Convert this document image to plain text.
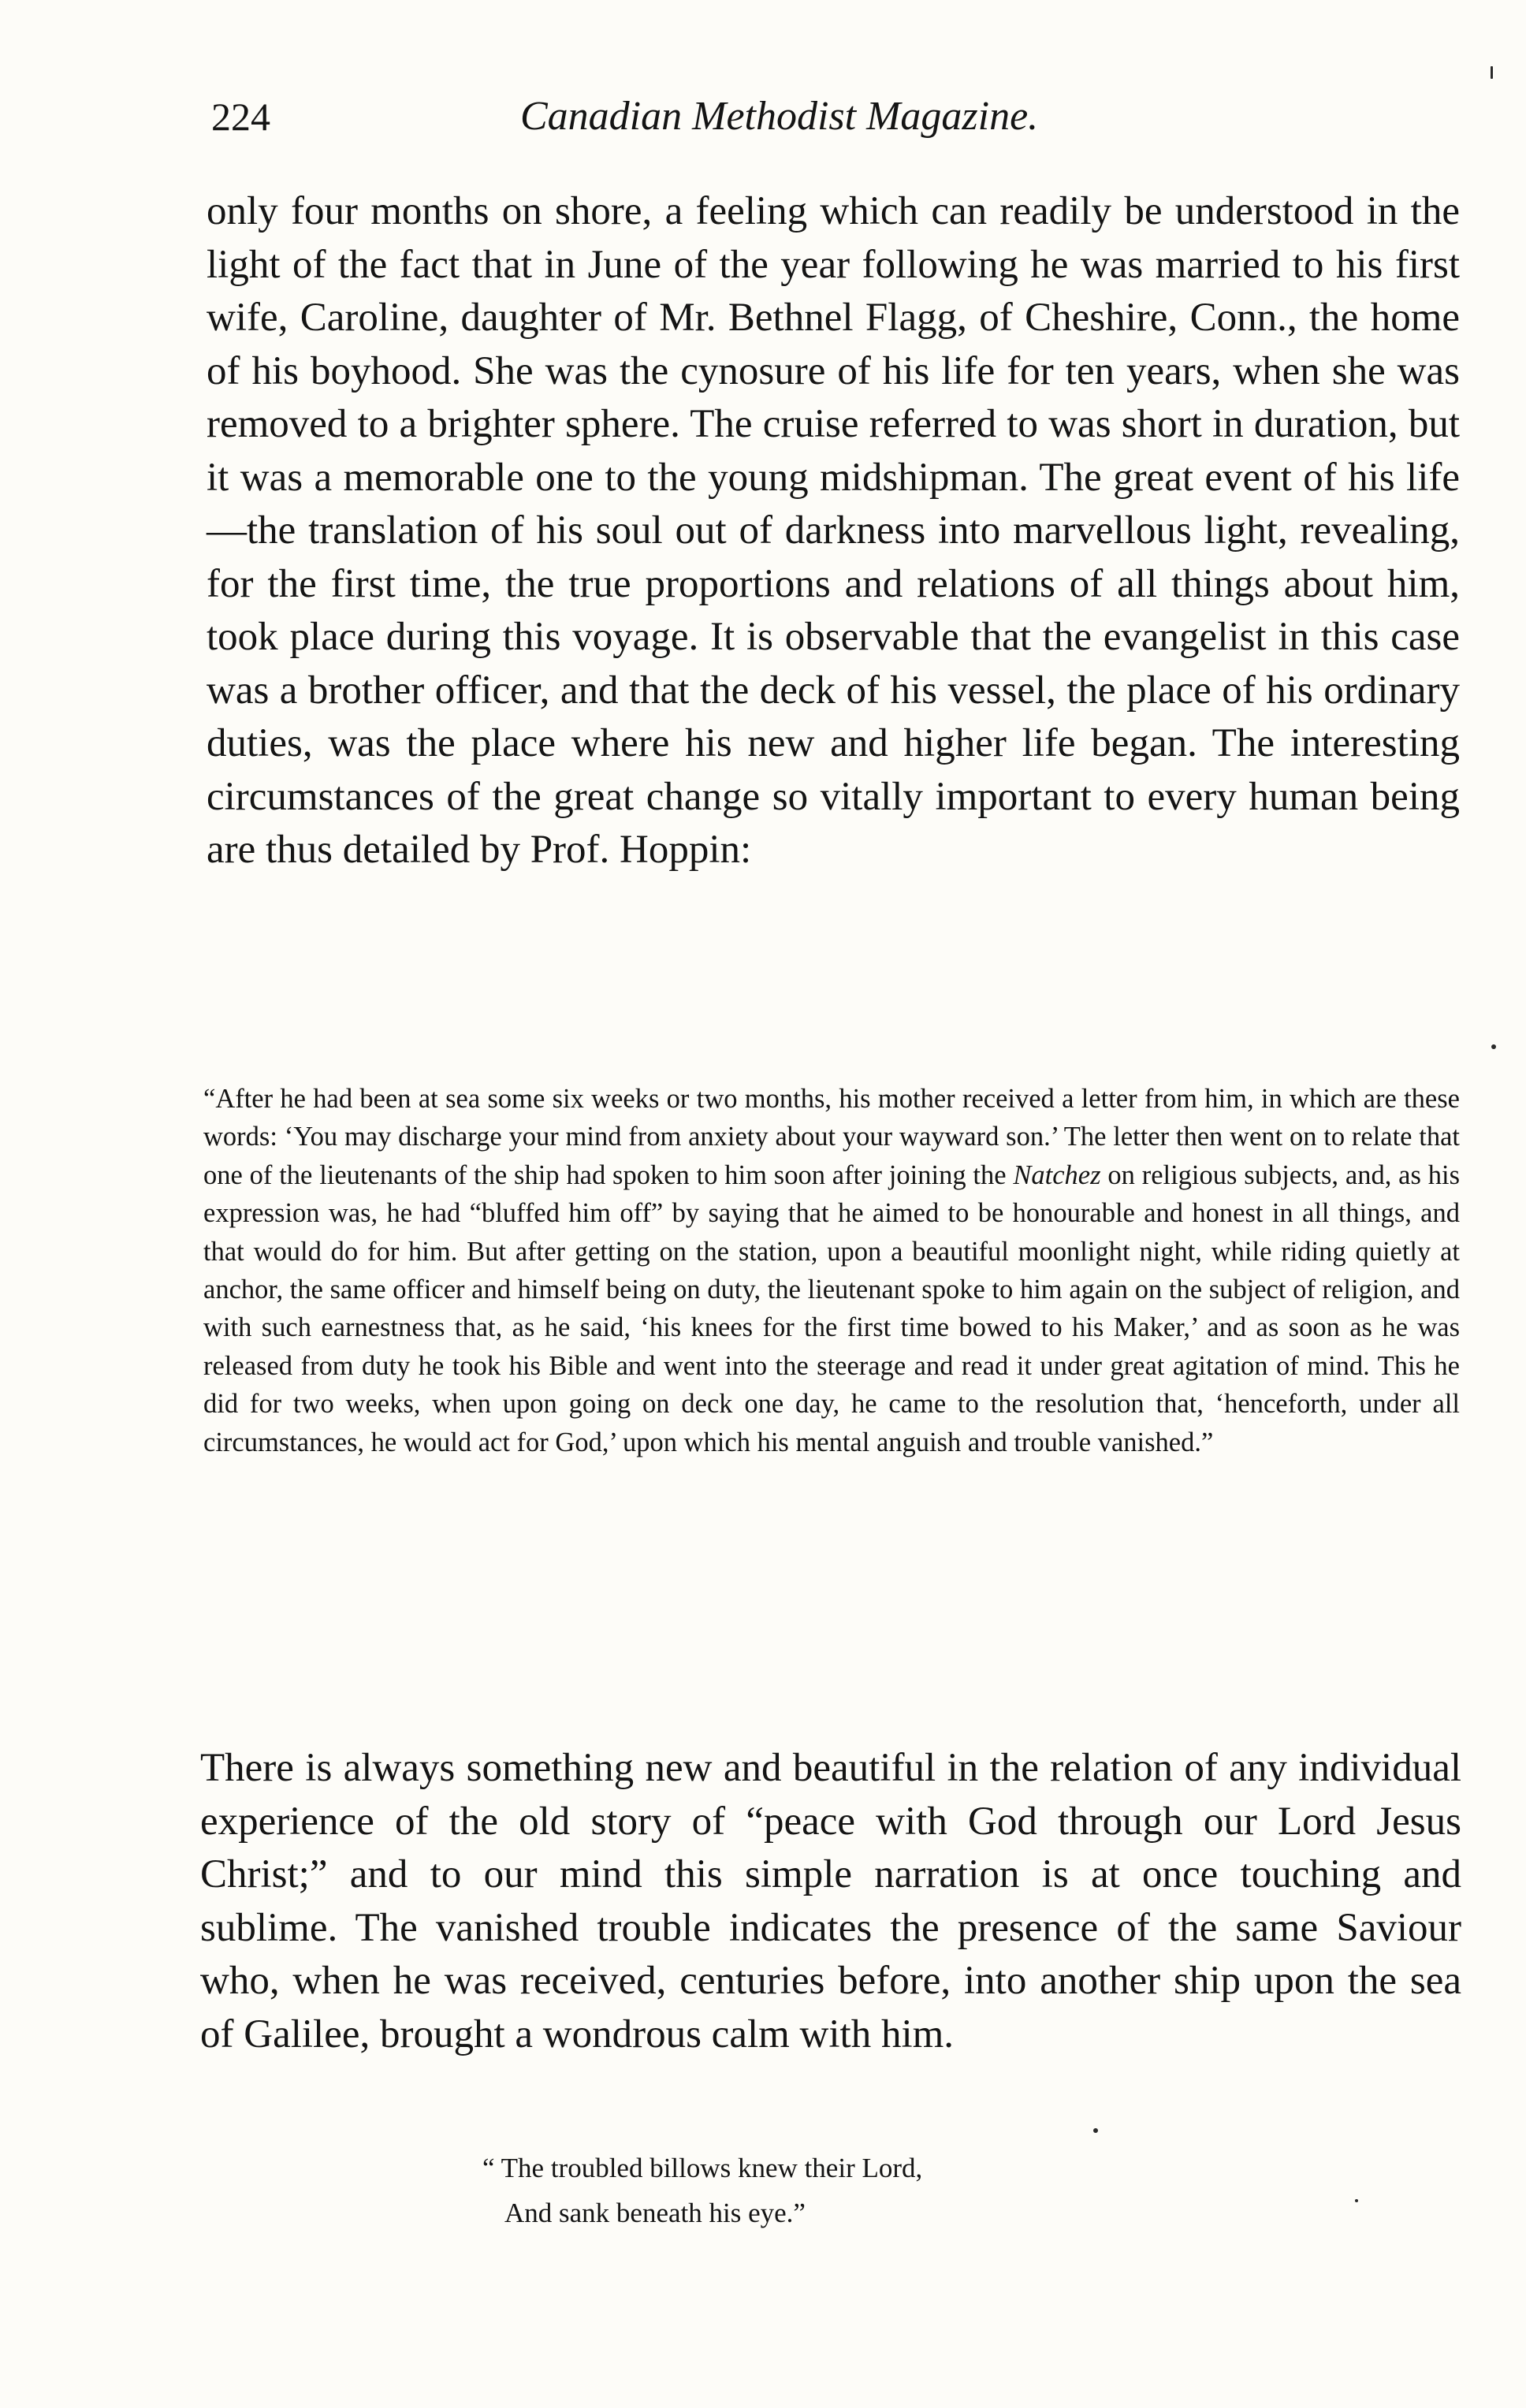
224	Canadian Methodist Magazine.

only four months on shore, a feeling which can readily be understood in the light of the fact that in June of the year following he was married to his first wife, Caroline, daughter of Mr. Bethnel Flagg, of Cheshire, Conn., the home of his boyhood. She was the cynosure of his life for ten years, when she was removed to a brighter sphere. The cruise referred to was short in duration, but it was a memorable one to the young midshipman. The great event of his life—the translation of his soul out of darkness into marvellous light, revealing, for the first time, the true proportions and relations of all things about him, took place during this voyage. It is observable that the evangelist in this case was a brother officer, and that the deck of his vessel, the place of his ordinary duties, was the place where his new and higher life began. The interesting circumstances of the great change so vitally important to every human being are thus detailed by Prof. Hoppin:

“After he had been at sea some six weeks or two months, his mother received a letter from him, in which are these words: ‘You may discharge your mind from anxiety about your wayward son.’ The letter then went on to relate that one of the lieutenants of the ship had spoken to him soon after joining the Natchez on religious subjects, and, as his expression was, he had “bluffed him off” by saying that he aimed to be honourable and honest in all things, and that would do for him. But after getting on the station, upon a beautiful moonlight night, while riding quietly at anchor, the same officer and himself being on duty, the lieutenant spoke to him again on the subject of religion, and with such earnestness that, as he said, ‘his knees for the first time bowed to his Maker,’ and as soon as he was released from duty he took his Bible and went into the steerage and read it under great agitation of mind. This he did for two weeks, when upon going on deck one day, he came to the resolution that, ‘henceforth, under all circumstances, he would act for God,’ upon which his mental anguish and trouble vanished.”

There is always something new and beautiful in the relation of any individual experience of the old story of “peace with God through our Lord Jesus Christ;” and to our mind this simple narration is at once touching and sublime. The vanished trouble indicates the presence of the same Saviour who, when he was received, centuries before, into another ship upon the sea of Galilee, brought a wondrous calm with him.

“ The troubled billows knew their Lord,
And sank beneath his eye.”
